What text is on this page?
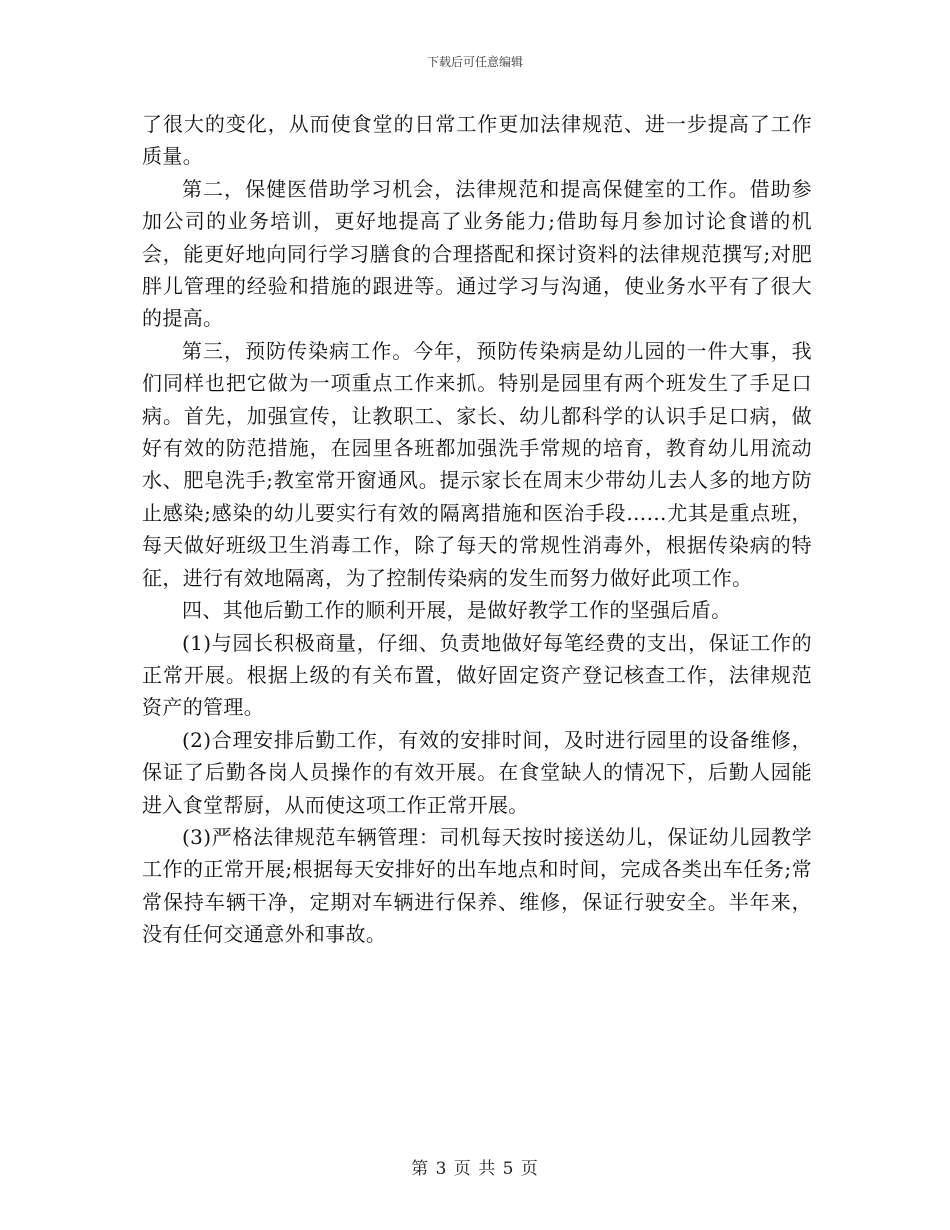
下载后可任意编辑

了很大的变化，从而使食堂的日常工作更加法律规范、进一步提高了工作质量。

第二，保健医借助学习机会，法律规范和提高保健室的工作。借助参加公司的业务培训，更好地提高了业务能力;借助每月参加讨论食谱的机会，能更好地向同行学习膳食的合理搭配和探讨资料的法律规范撰写;对肥胖儿管理的经验和措施的跟进等。通过学习与沟通，使业务水平有了很大的提高。

第三，预防传染病工作。今年，预防传染病是幼儿园的一件大事，我们同样也把它做为一项重点工作来抓。特别是园里有两个班发生了手足口病。首先，加强宣传，让教职工、家长、幼儿都科学的认识手足口病，做好有效的防范措施，在园里各班都加强洗手常规的培育，教育幼儿用流动水、肥皂洗手;教室常开窗通风。提示家长在周末少带幼儿去人多的地方防止感染;感染的幼儿要实行有效的隔离措施和医治手段……尤其是重点班，每天做好班级卫生消毒工作，除了每天的常规性消毒外，根据传染病的特征，进行有效地隔离，为了控制传染病的发生而努力做好此项工作。

四、其他后勤工作的顺利开展，是做好教学工作的坚强后盾。

(1)与园长积极商量，仔细、负责地做好每笔经费的支出，保证工作的正常开展。根据上级的有关布置，做好固定资产登记核查工作，法律规范资产的管理。

(2)合理安排后勤工作，有效的安排时间，及时进行园里的设备维修，保证了后勤各岗人员操作的有效开展。在食堂缺人的情况下，后勤人园能进入食堂帮厨，从而使这项工作正常开展。

(3)严格法律规范车辆管理：司机每天按时接送幼儿，保证幼儿园教学工作的正常开展;根据每天安排好的出车地点和时间，完成各类出车任务;常常保持车辆干净，定期对车辆进行保养、维修，保证行驶安全。半年来，没有任何交通意外和事故。

第 3 页 共 5 页
